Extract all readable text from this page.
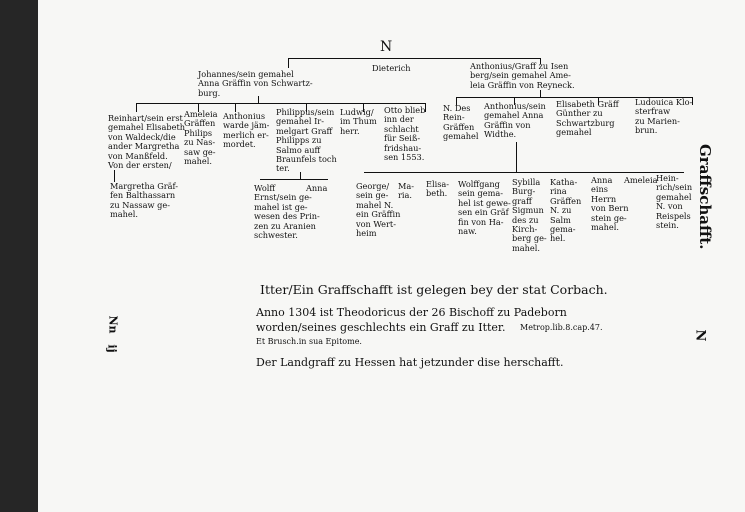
N
Dieterich
Johannes/sein gemahel
Anna Gräffin von Schwartz-
burg.
Anthonius/Graff zu Isen
berg/sein gemahel Ame-
leia Gräffin von Reyneck.
Reinhart/sein erst
gemahel Elisabeth
von Waldeck/die
ander Margretha
von Manßfeld.
Von der ersten/
Ameleia
Gräffen
Philips
zu Nas-
saw ge-
mahel.
Anthonius
warde jäm-
merlich er-
mordet.
Philippus/sein
gemahel Ir-
melgart Graff
Philipps zu
Salmo auff
Braunfels toch
ter.
Ludwig/
im Thum
herr.
Otto blieb
inn der
schlacht
für Seiß-
fridshau-
sen 1553.
N. Des
Rein-
Gräffen
gemahel
Anthonius/sein
gemahel Anna
Gräffin von
Widthe.
Elisabeth Gräff
Günther zu
Schwartzburg
gemahel
Ludouica Klo-
sterfraw
zu Marien-
brun.
Margretha Gräf-
fen Balthassarn
zu Nassaw ge-
mahel.
Wolff
Ernst/sein ge-
mahel ist ge-
wesen des Prin-
zen zu Aranien
schwester.
Anna	George/
sein ge-
mahel N.
ein Gräffin
von Wert-
heim
Ma-
ria.
Elisa-
beth.
Wolffgang
sein gema-
hel ist gewe-
sen ein Gräf
fin von Ha-
naw.
Sybilla
Burg-
graff
Sigmun
des zu
Kirch-
berg ge-
mahel.
Katha-
rina
Gräffen
N. zu
Salm
gema-
hel.
Anna
eins
Herrn
von Bern
stein ge-
mahel.
Ameleia
Hein-
rich/sein
gemahel
N. von
Reispels
stein.
Itter/Ein Graffschafft ist gelegen bey der stat Corbach.
Anno 1304 ist Theodoricus der 26 Bischoff zu Padeborn
worden/seines geschlechts ein Graff zu Itter. Metrop.lib.8.cap.47.
Et Brusch.in sua Epitome.
Der Landgraff zu Hessen hat jetzunder dise herschafft.
Graffschafft.
Nn
ij
N
